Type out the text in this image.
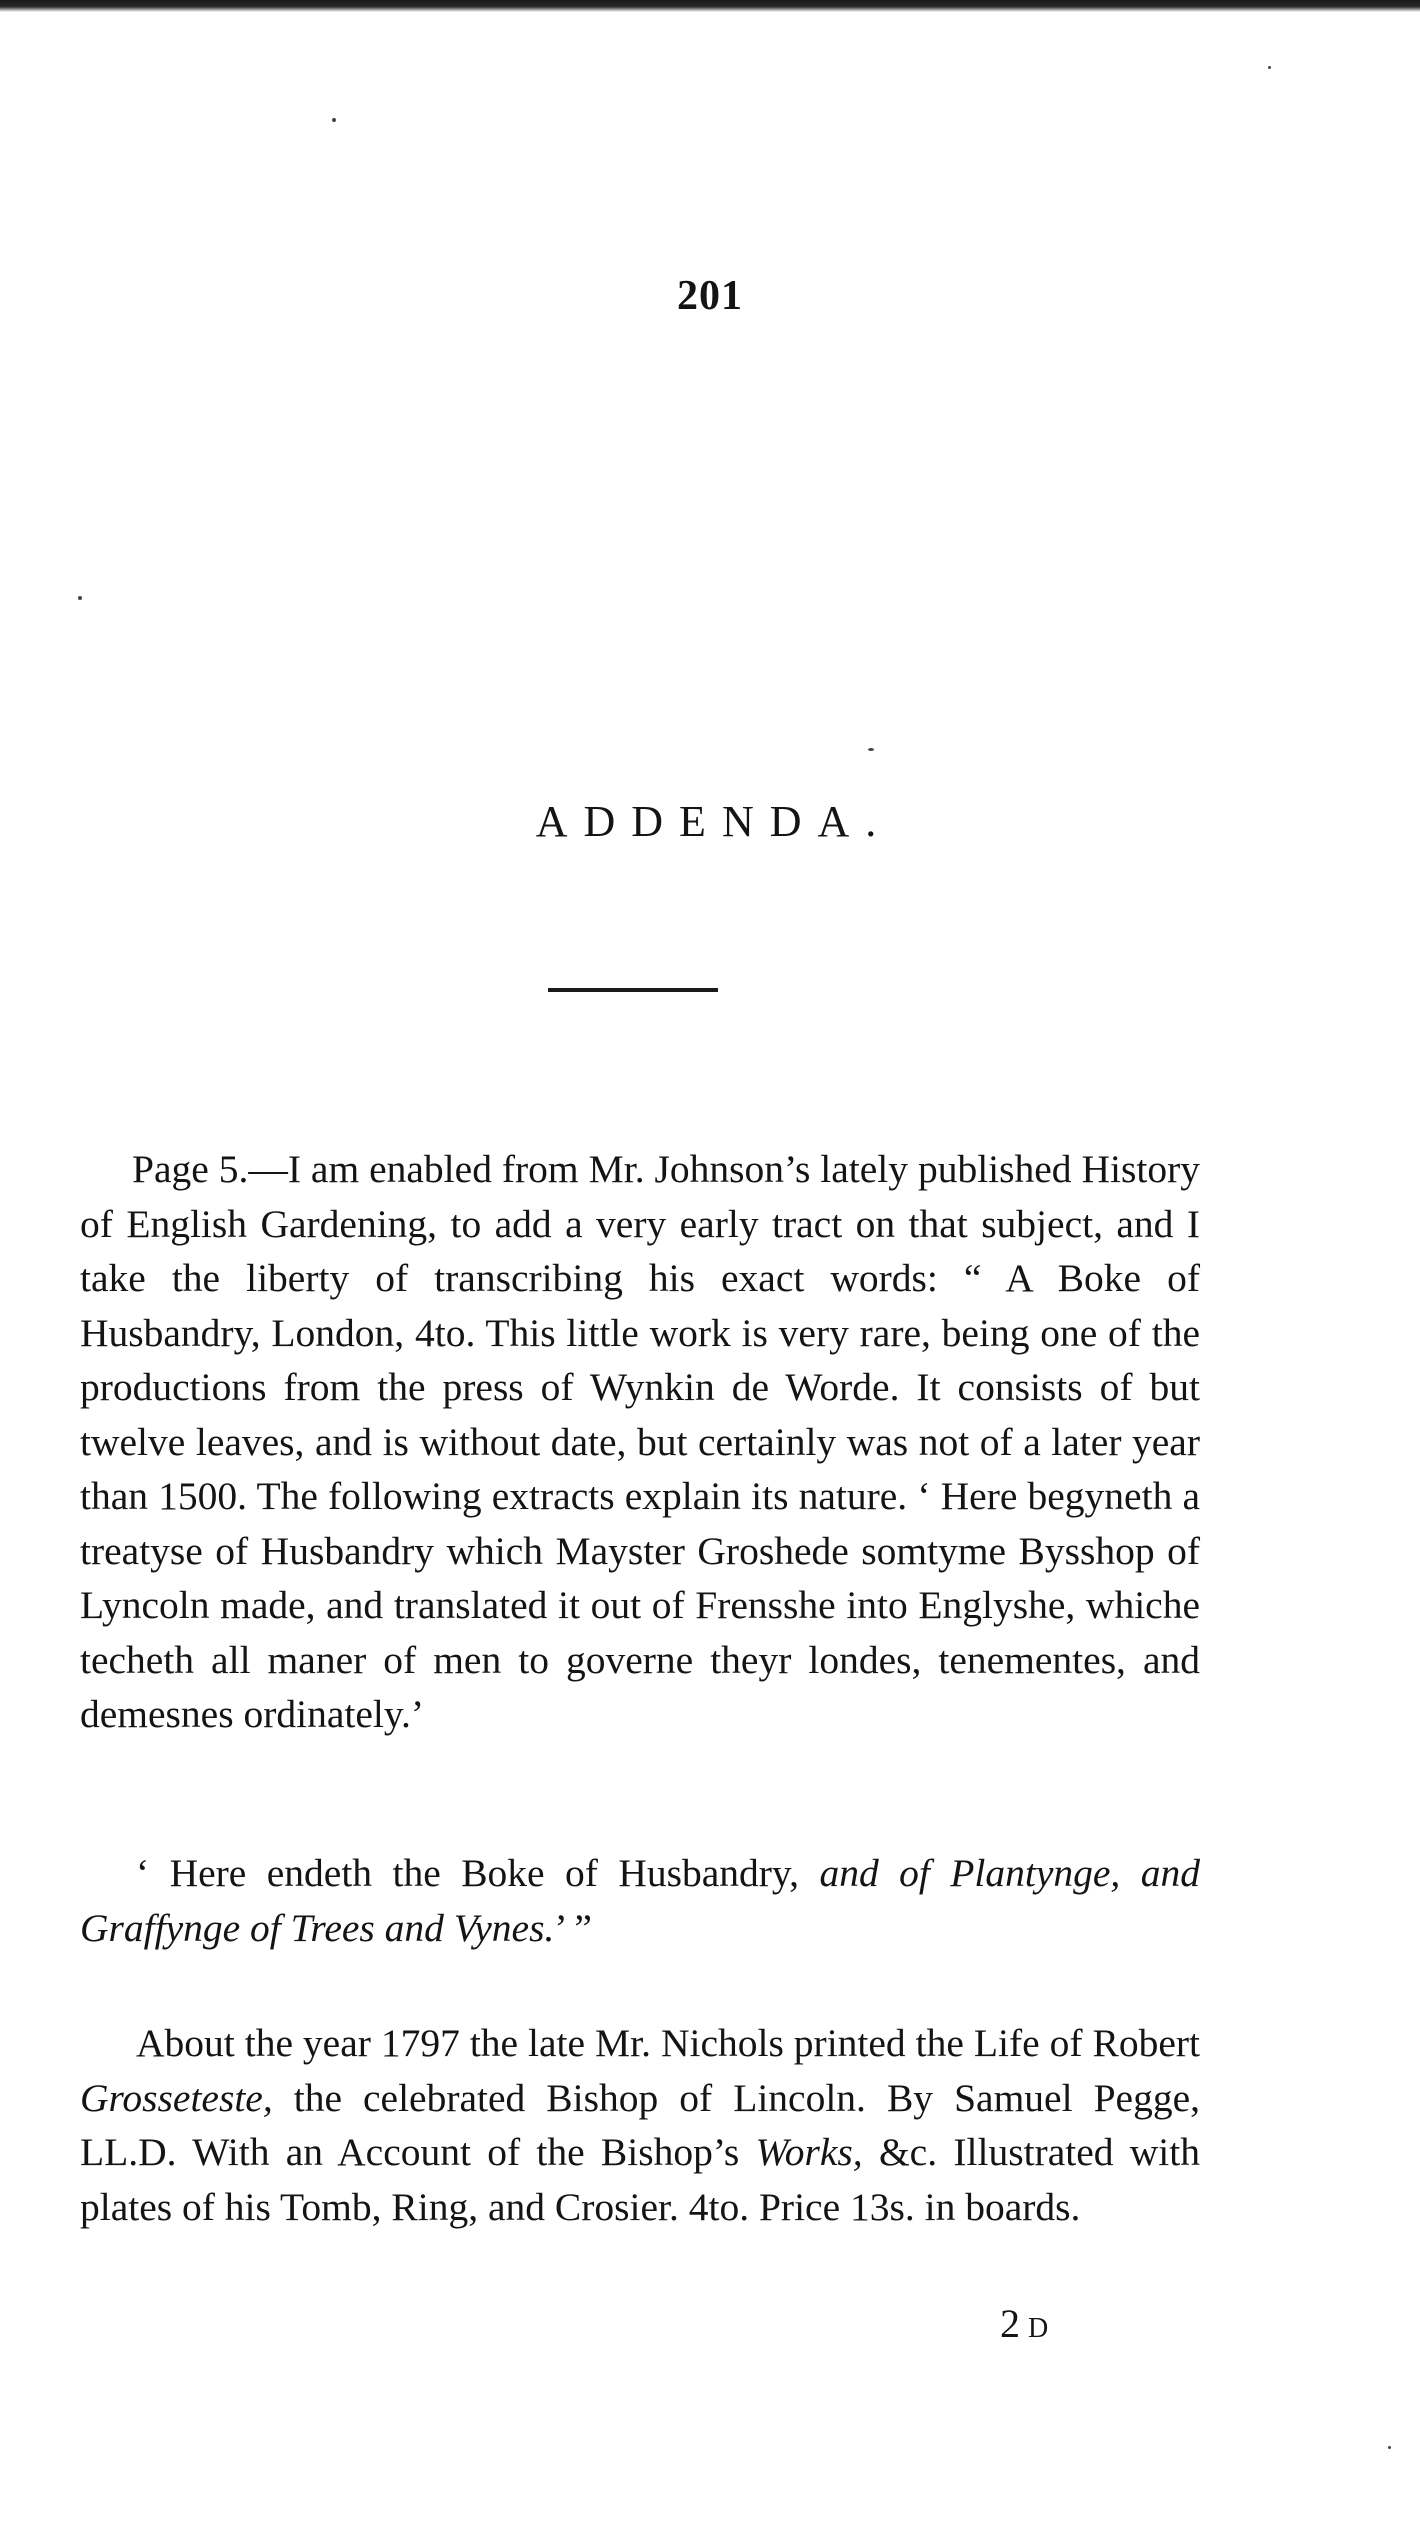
201
ADDENDA.

Page 5.—I am enabled from Mr. Johnson’s lately published History of English Gardening, to add a very early tract on that subject, and I take the liberty of transcribing his exact words: “ A Boke of Husbandry, London, 4to. This little work is very rare, being one of the productions from the press of Wynkin de Worde. It consists of but twelve leaves, and is without date, but certainly was not of a later year than 1500. The following extracts explain its nature. ‘ Here begyneth a treatyse of Husbandry which Mayster Groshede somtyme Bysshop of Lyncoln made, and translated it out of Frensshe into Englyshe, whiche techeth all maner of men to governe theyr londes, tenementes, and demesnes ordinately.’

‘ Here endeth the Boke of Husbandry, and of Plantynge, and Graffynge of Trees and Vynes.’ ”

About the year 1797 the late Mr. Nichols printed the Life of Robert Grosseteste, the celebrated Bishop of Lincoln. By Samuel Pegge, LL.D. With an Account of the Bishop’s Works, &c. Illustrated with plates of his Tomb, Ring, and Crosier. 4to. Price 13s. in boards.

2D
